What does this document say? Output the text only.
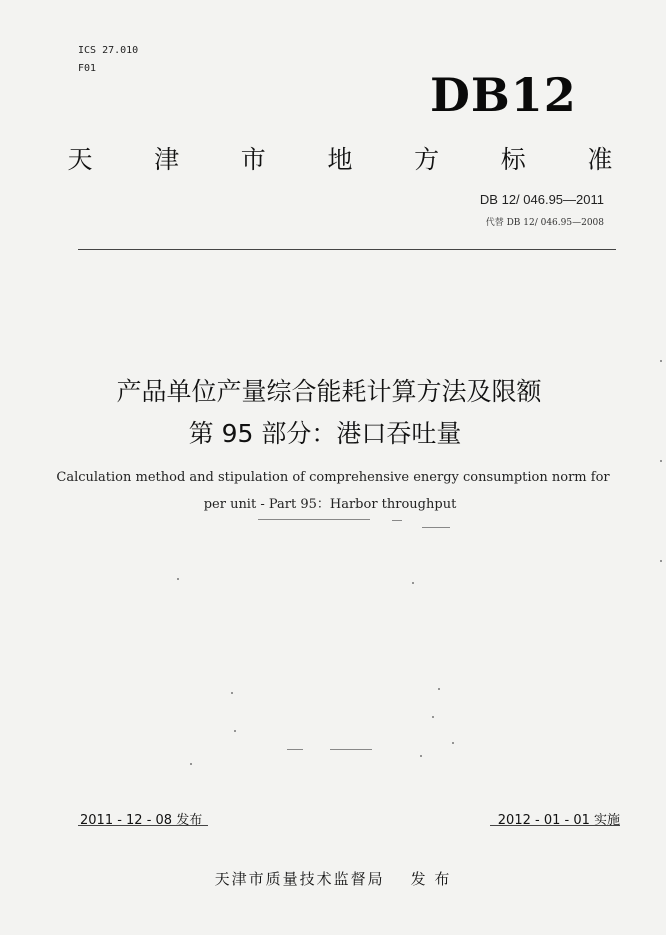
ICS 27.010
F01	DB12
天	津	市	地	方	标	准
DB 12/ 046.95—2011
代替 DB 12/ 046.95—2008
产品单位产量综合能耗计算方法及限额
第 95 部分：港口吞吐量
Calculation method and stipulation of comprehensive energy consumption norm for
per unit - Part 95：Harbor throughput
2011 - 12 - 08 发布	2012 - 01 - 01 实施
天津市质量技术监督局 发 布
